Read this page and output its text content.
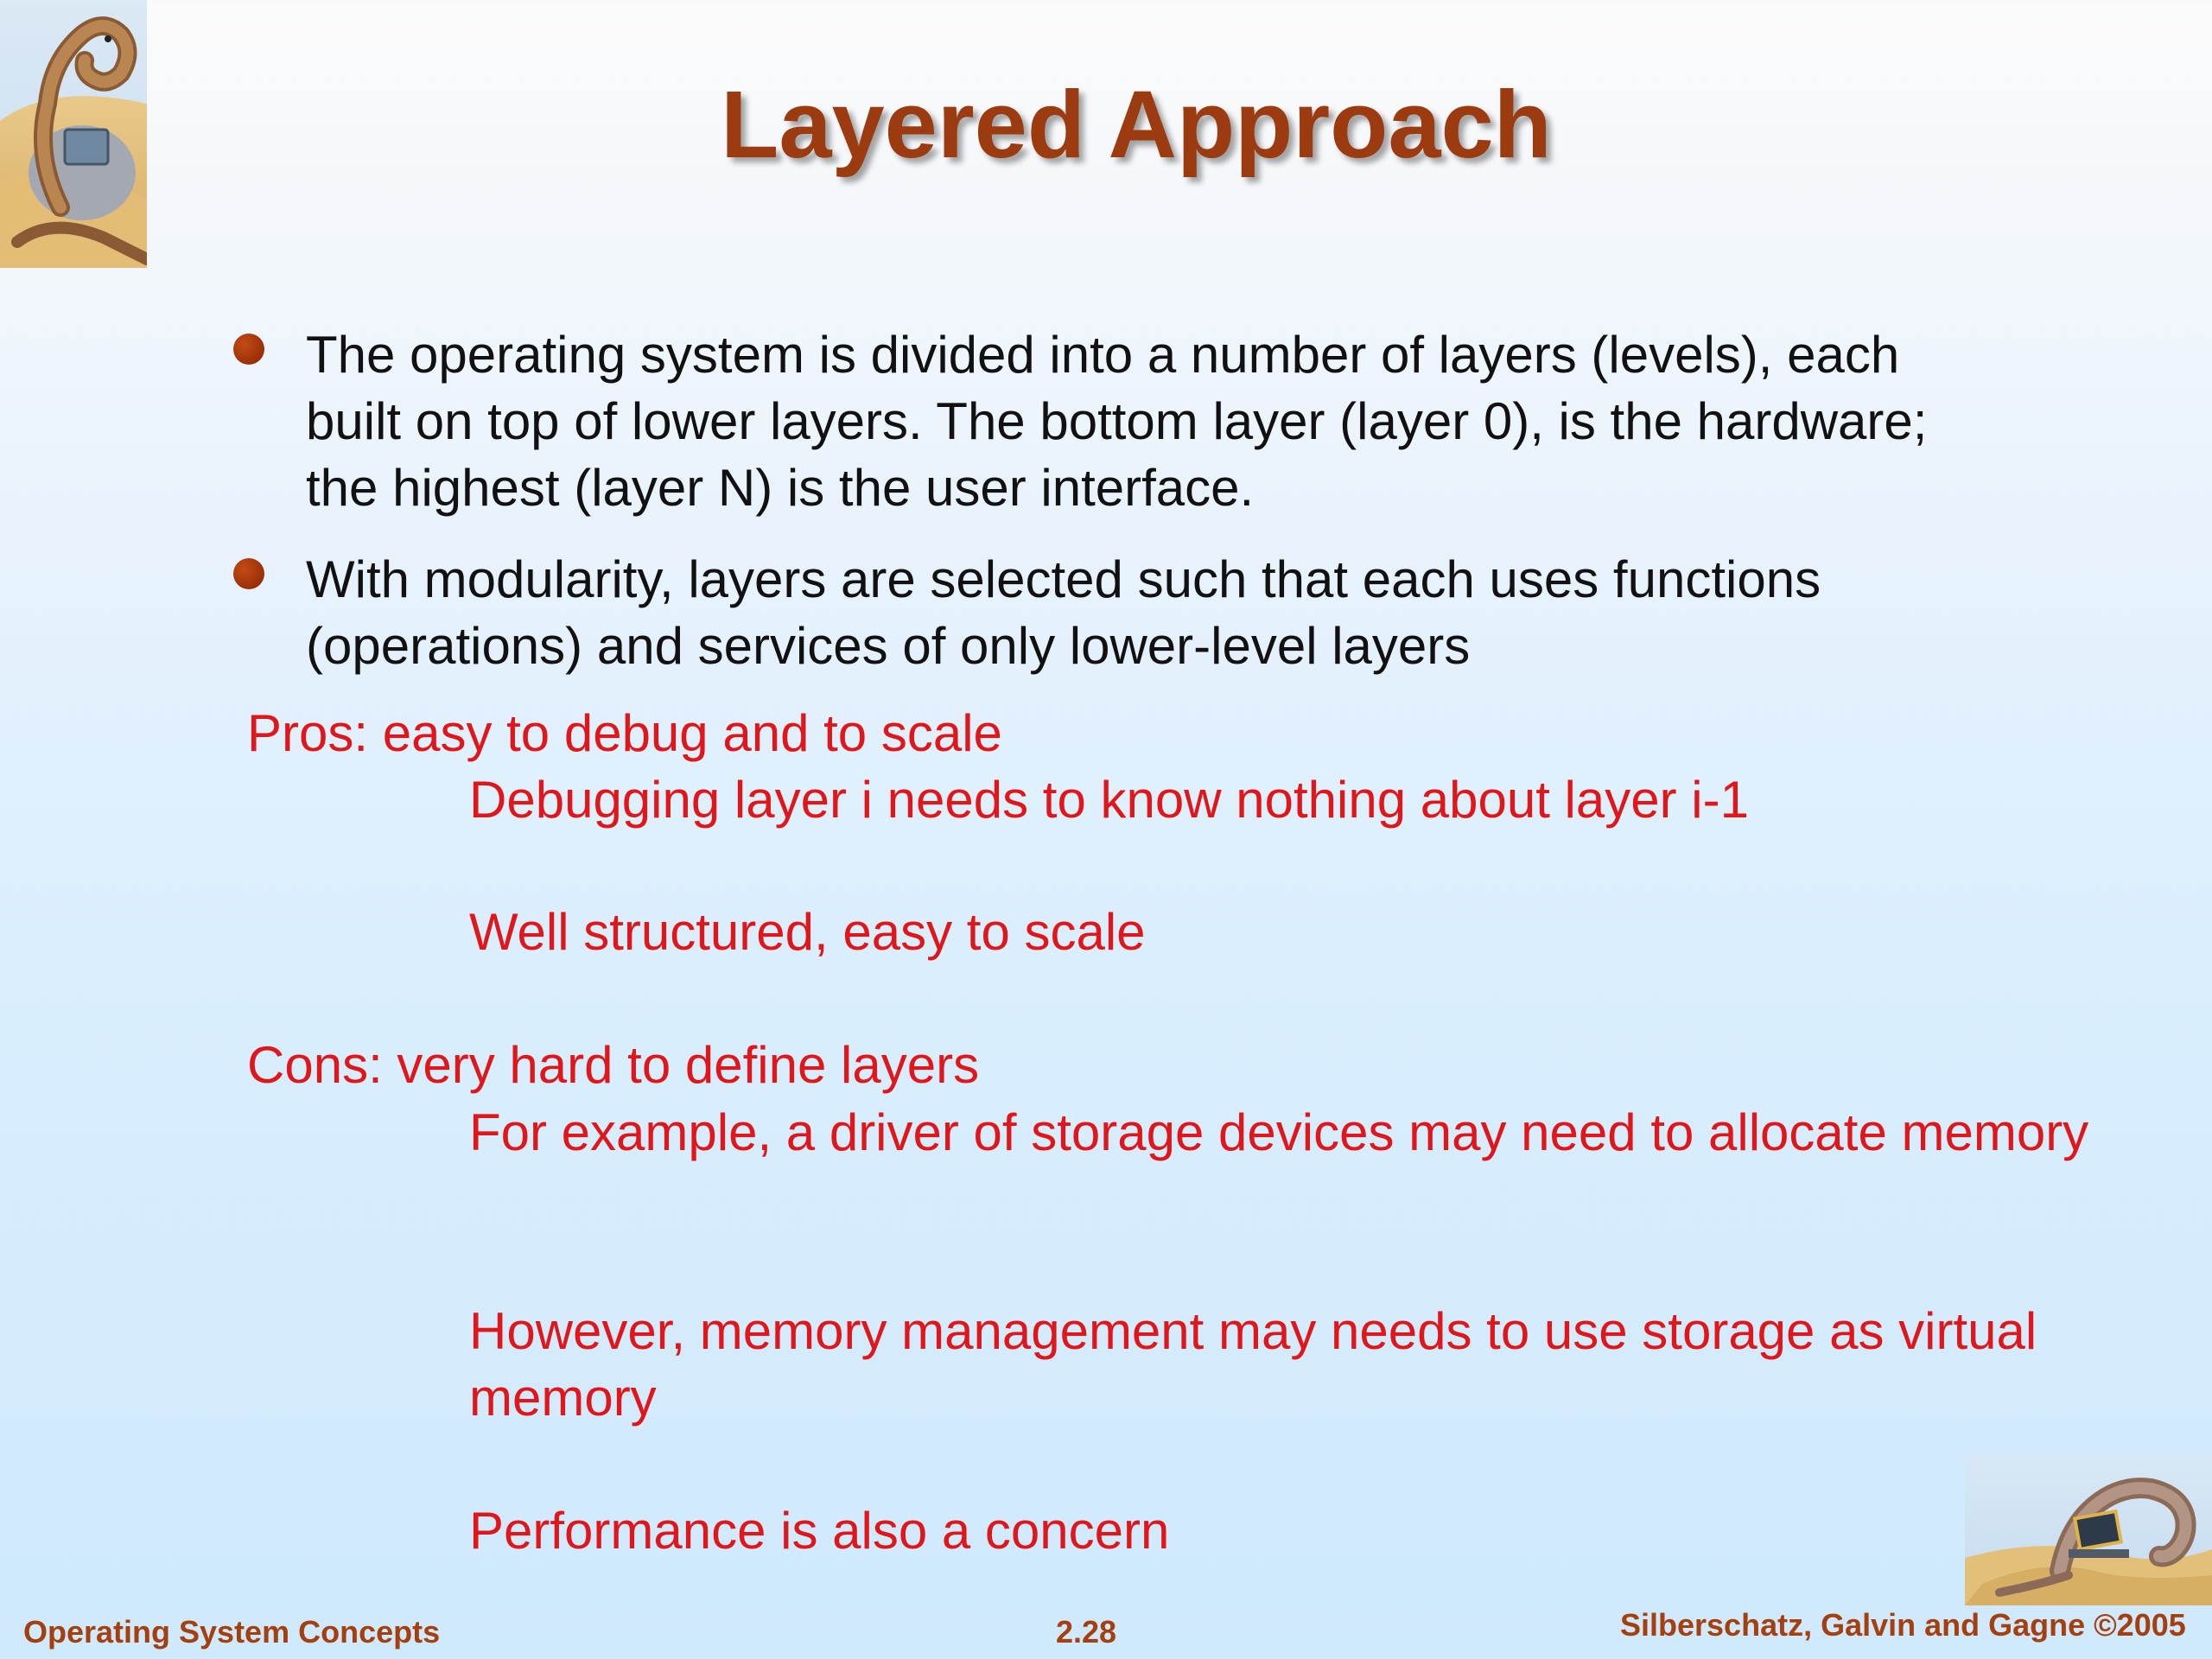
Layered Approach

The operating system is divided into a number of layers (levels), each built on top of lower layers. The bottom layer (layer 0), is the hardware; the highest (layer N) is the user interface.

With modularity, layers are selected such that each uses functions (operations) and services of only lower-level layers

Pros: easy to debug and to scale
Debugging layer i needs to know nothing about layer i-1
Well structured, easy to scale
Cons: very hard to define layers
For example, a driver of storage devices may need to allocate memory
However, memory management may needs to use storage as virtual memory
Performance is also a concern
Operating System Concepts	2.28	Silberschatz, Galvin and Gagne ©2005
